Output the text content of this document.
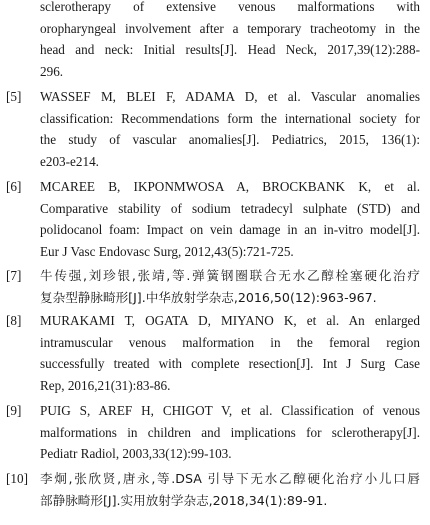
sclerotherapy of extensive venous malformations with
oropharyngeal involvement after a temporary tracheotomy in the
head and neck: Initial results[J]. Head Neck, 2017,39(12):288-
296.
[5] WASSEF M, BLEI F, ADAMA D, et al. Vascular anomalies
classification: Recommendations form the international society for
the study of vascular anomalies[J]. Pediatrics, 2015, 136(1):
e203-e214.
[6] MCAREE B, IKPONMWOSA A, BROCKBANK K, et al.
Comparative stability of sodium tetradecyl sulphate (STD) and
polidocanol foam: Impact on vein damage in an in-vitro model[J].
Eur J Vasc Endovasc Surg, 2012,43(5):721-725.
[7] 牛传强,刘珍银,张靖,等.弹簧钢圈联合无水乙醇栓塞硬化治疗
复杂型静脉畸形[J].中华放射学杂志,2016,50(12):963-967.
[8] MURAKAMI T, OGATA D, MIYANO K, et al. An enlarged
intramuscular venous malformation in the femoral region
successfully treated with complete resection[J]. Int J Surg Case
Rep, 2016,21(31):83-86.
[9] PUIG S, AREF H, CHIGOT V, et al. Classification of venous
malformations in children and implications for sclerotherapy[J].
Pediatr Radiol, 2003,33(12):99-103.
[10] 李炯,张欣贤,唐永,等.DSA 引导下无水乙醇硬化治疗小儿口唇
部静脉畸形[J].实用放射学杂志,2018,34(1):89-91.
